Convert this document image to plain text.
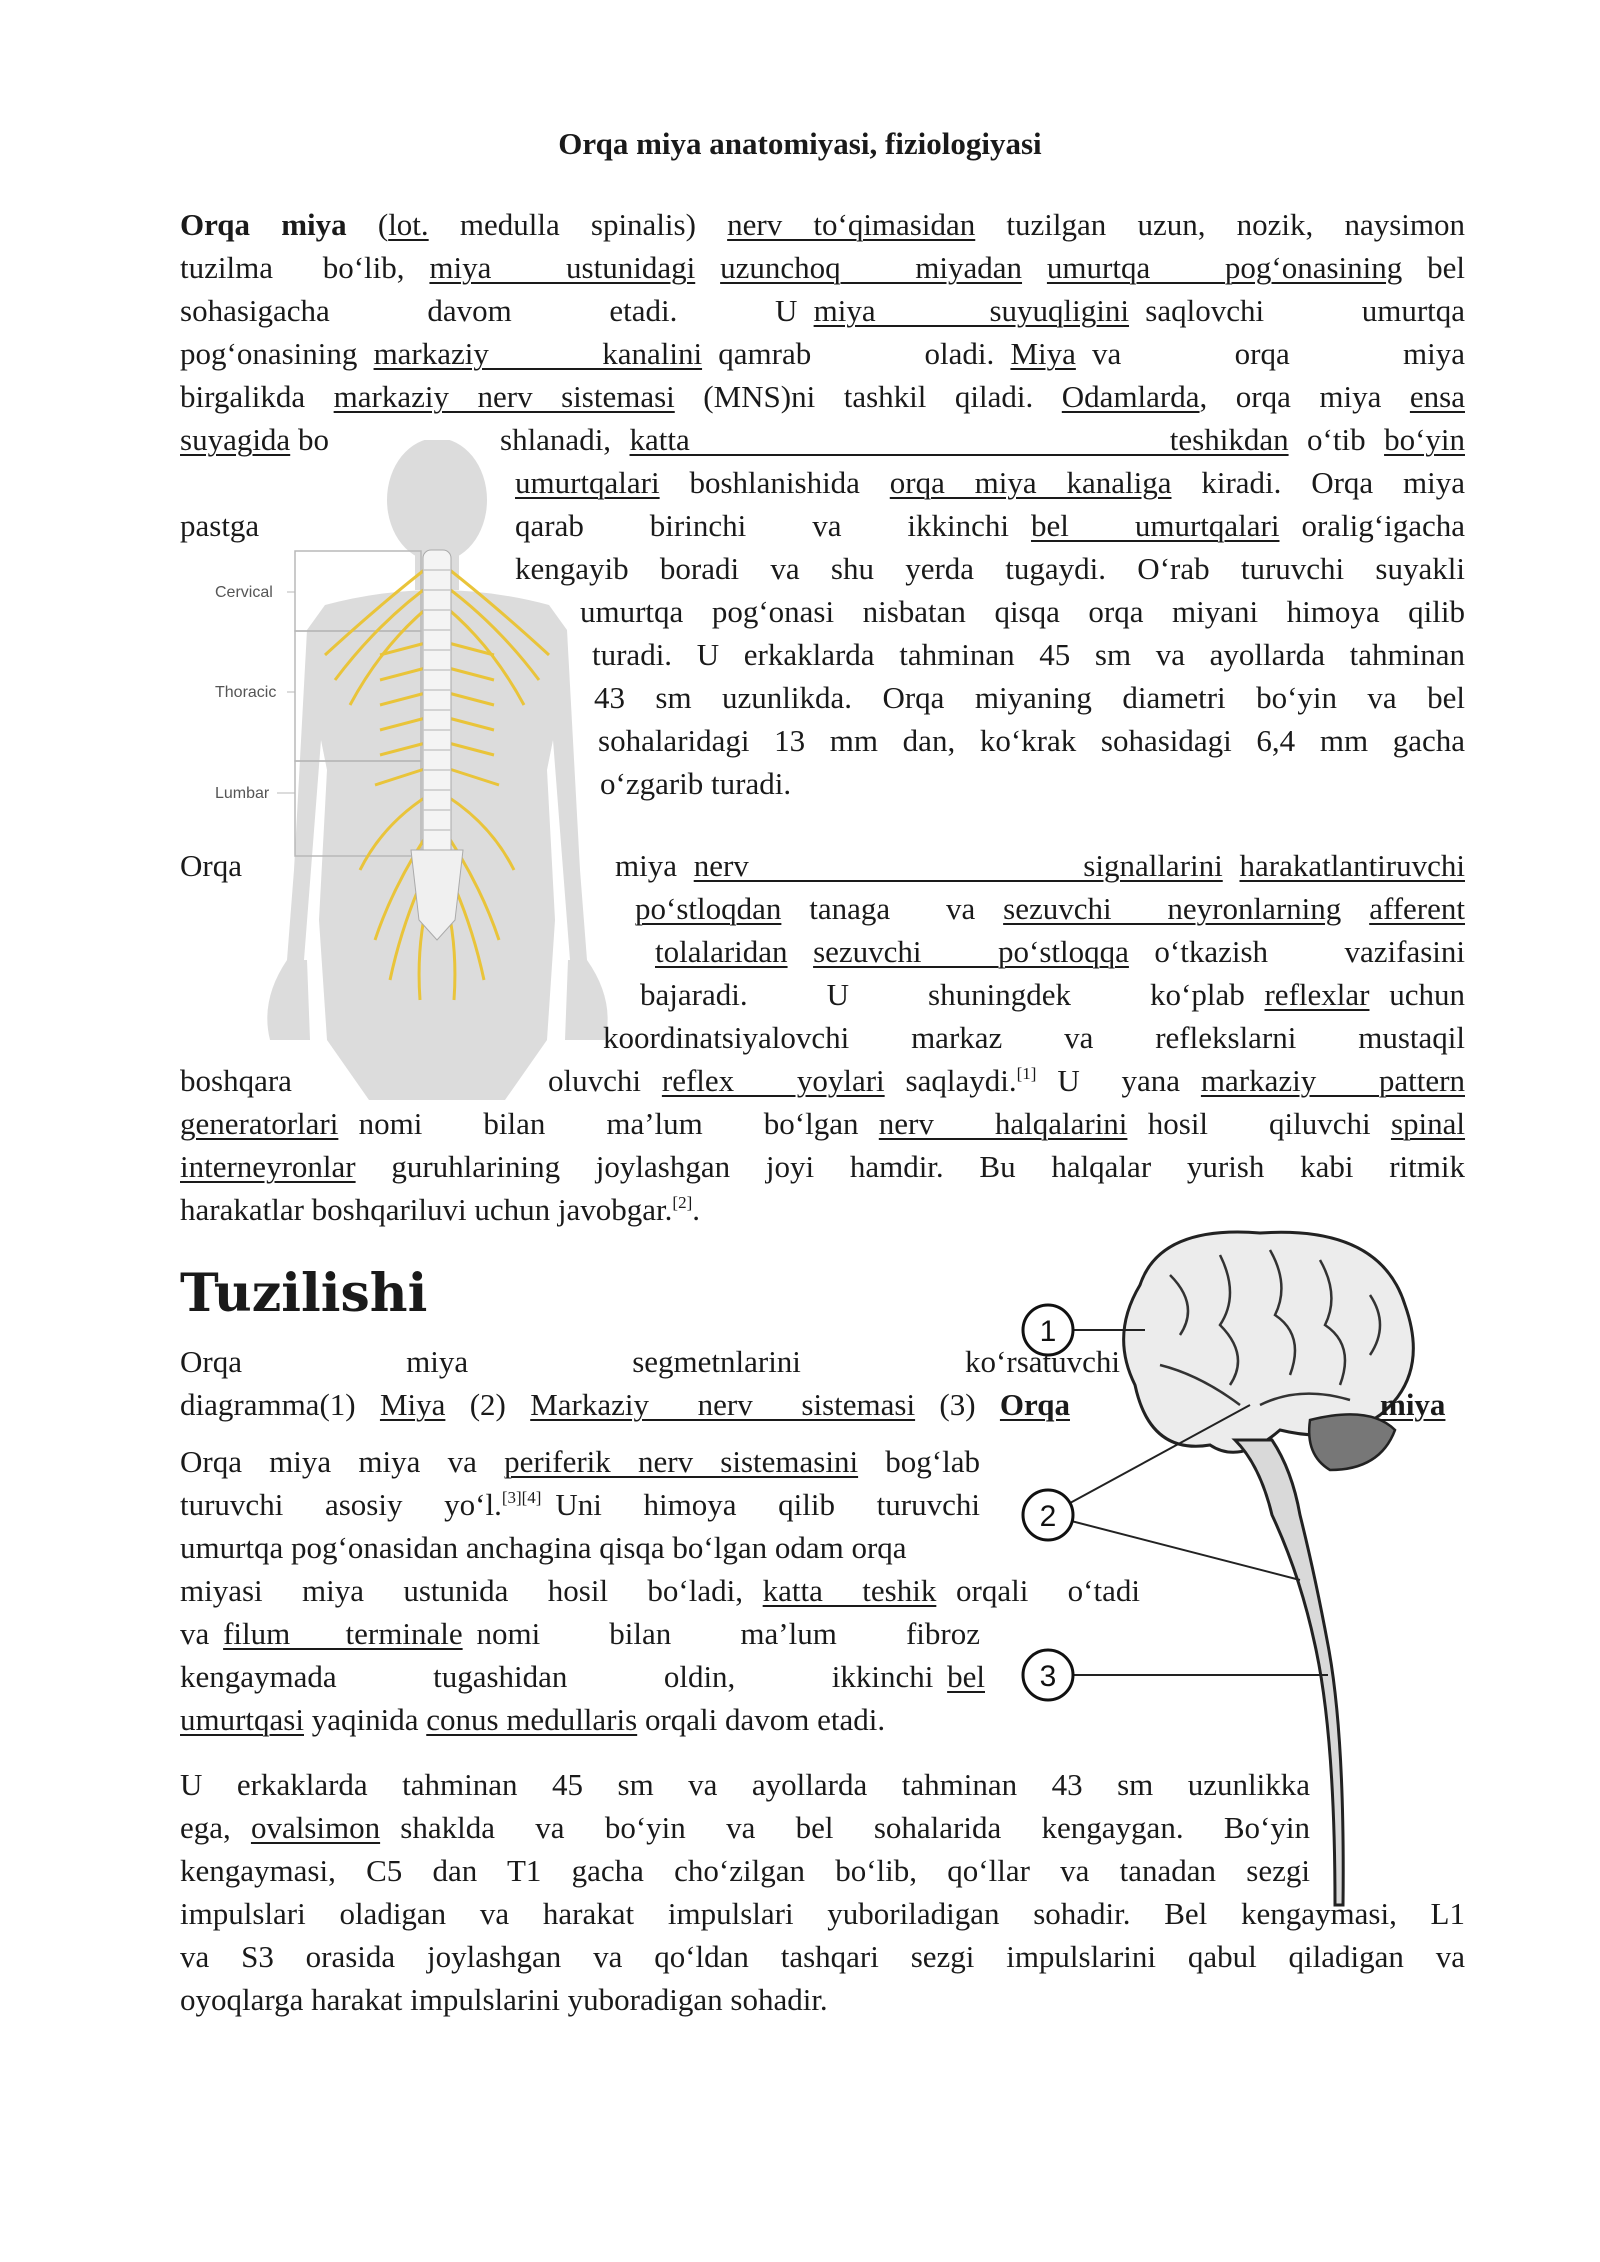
Orqa miya anatomiyasi, fiziologiyasi
Cervical
Thoracic
Lumbar
1
2
3
Tuzilishi
Orqa miya (lot. medulla spinalis) nerv to‘qimasidan tuzilgan uzun, nozik, naysimon
tuzilma  bo‘lib, miya   ustunidagi uzunchoq   miyadan umurtqa   pog‘onasining bel
sohasigacha      davom      etadi.      U miya       suyuqligini saqlovchi      umurtqa
pog‘onasining markaziy       kanalini qamrab       oladi. Miya va       orqa       miya
birgalikda markaziy nerv sistemasi (MNS)ni tashkil qiladi. Odamlarda, orqa miya ensa
suyagida bo	shlanadi, katta                          teshikdan o‘tib bo‘yin
umurtqalari boshlanishida orqa miya kanaliga kiradi. Orqa miya
pastga	qarab   birinchi   va   ikkinchi bel   umurtqalari oralig‘igacha
kengayib boradi va shu yerda tugaydi. O‘rab turuvchi suyakli
umurtqa pog‘onasi nisbatan qisqa orqa miyani himoya qilib
turadi. U erkaklarda tahminan 45 sm va ayollarda tahminan
43 sm uzunlikda. Orqa miyaning diametri bo‘yin va bel
sohalaridagi 13 mm dan, ko‘krak sohasidagi 6,4 mm gacha
o‘zgarib turadi.
Orqa	miya nerv                    signallarini harakatlantiruvchi
po‘stloqdan tanaga  va sezuvchi  neyronlarning afferent
tolalaridan sezuvchi   po‘stloqqa o‘tkazish   vazifasini
bajaradi.    U    shuningdek    ko‘plab reflexlar uchun
koordinatsiyalovchi   markaz   va   reflekslarni   mustaqil
boshqara	oluvchi reflex   yoylari saqlaydi.[1] U  yana markaziy   pattern
generatorlari nomi   bilan   ma’lum   bo‘lgan nerv   halqalarini hosil   qiluvchi spinal
interneyronlar guruhlarining joylashgan joyi hamdir. Bu halqalar yurish kabi ritmik
harakatlar boshqariluvi uchun javobgar.[2].
Orqa            miya            segmetnlarini            ko‘rsatuvchi
diagramma(1) Miya (2) Markaziy  nerv  sistemasi (3) Orqa	miya
Orqa miya miya va periferik nerv sistemasini bog‘lab
turuvchi   asosiy   yo‘l.[3][4] Uni   himoya   qilib   turuvchi
umurtqa pog‘onasidan anchagina qisqa bo‘lgan odam orqa
miyasi  miya  ustunida  hosil  bo‘ladi, katta  teshik orqali  o‘tadi
va filum    terminale nomi     bilan     ma’lum     fibroz
kengaymada       tugashidan       oldin,       ikkinchi bel
umurtqasi yaqinida conus medullaris orqali davom etadi.
U  erkaklarda  tahminan  45  sm  va  ayollarda  tahminan  43  sm  uzunlikka
ega, ovalsimon shaklda  va  bo‘yin  va  bel  sohalarida  kengaygan.  Bo‘yin
kengaymasi, C5 dan T1 gacha cho‘zilgan bo‘lib, qo‘llar va tanadan sezgi
impulslari oladigan va harakat impulslari yuboriladigan sohadir. Bel kengaymasi, L1
va S3 orasida joylashgan va qo‘ldan tashqari sezgi impulslarini qabul qiladigan va
oyoqlarga harakat impulslarini yuboradigan sohadir.
